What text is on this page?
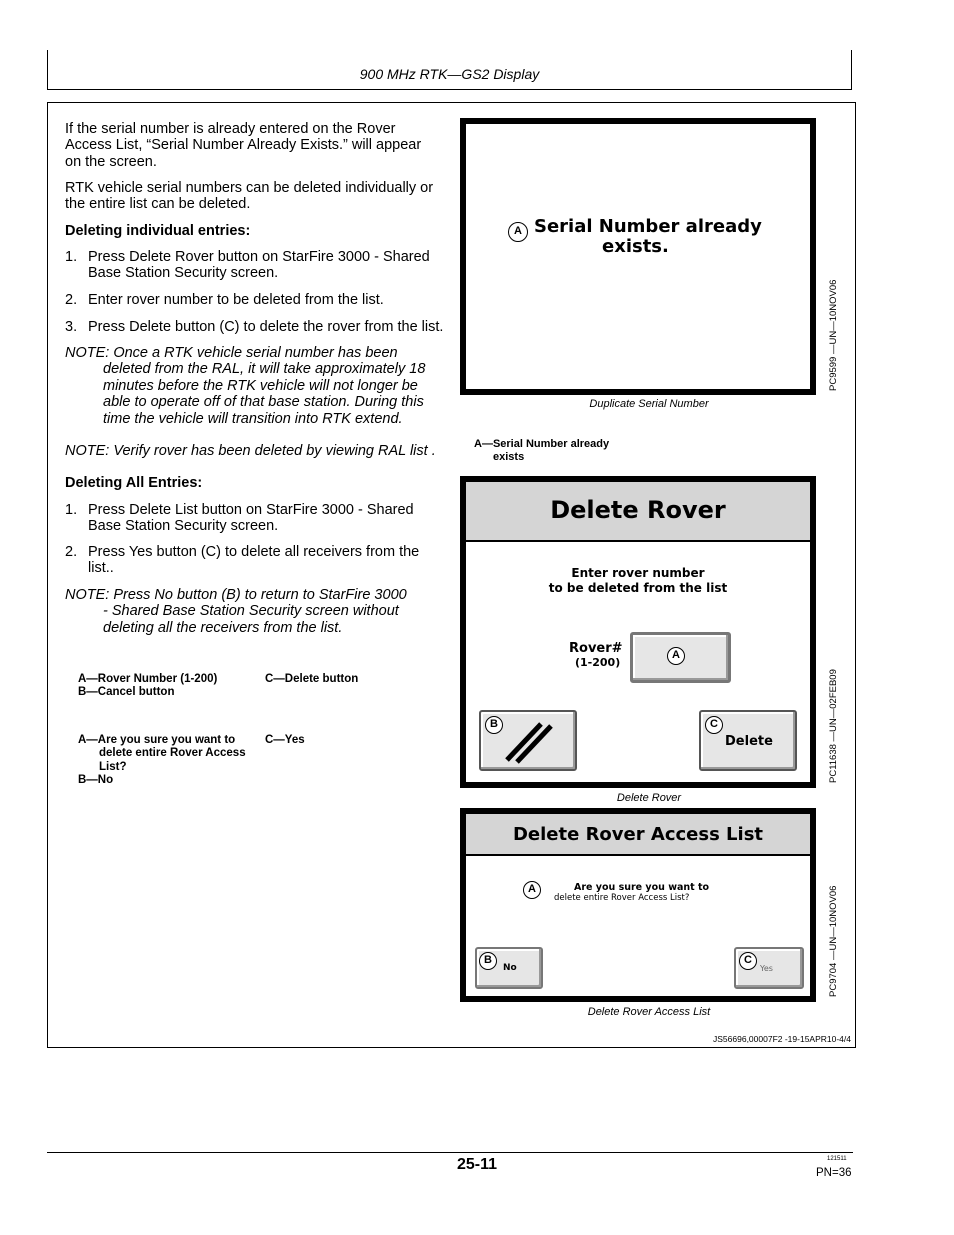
900 MHz RTK—GS2 Display
If the serial number is already entered on the Rover
Access List, “Serial Number Already Exists.” will appear
on the screen.
RTK vehicle serial numbers can be deleted individually or
the entire list can be deleted.
Deleting individual entries:
1. Press Delete Rover button on StarFire 3000 - Shared
Base Station Security screen.
2. Enter rover number to be deleted from the list.
3. Press Delete button (C) to delete the rover from the list.
NOTE: Once a RTK vehicle serial number has been
deleted from the RAL, it will take approximately 18
minutes before the RTK vehicle will not longer be
able to operate off of that base station. During this
time the vehicle will transition into RTK extend.
NOTE: Verify rover has been deleted by viewing RAL list .
Deleting All Entries:
1. Press Delete List button on StarFire 3000 - Shared
Base Station Security screen.
2. Press Yes button (C) to delete all receivers from the
list..
NOTE: Press No button (B) to return to StarFire 3000
- Shared Base Station Security screen without
deleting all the receivers from the list.
A—Rover Number (1-200)
B—Cancel button
C—Delete button
A—Are you sure you want to
delete entire Rover Access
List?
B—No
C—Yes
A Serial Number already
exists.
PC9599 —UN—10NOV06
Duplicate Serial Number
A—Serial Number already
exists
Delete Rover
Enter rover number
to be deleted from the list
Rover#
(1-200)
A
B	C
Delete	PC11638 —UN—02FEB09
Delete Rover
Delete Rover Access List
A	Are you sure you want to
delete entire Rover Access List?
B
No
C
Yes	PC9704 —UN—10NOV06
Delete Rover Access List
JS56696,00007F2 -19-15APR10-4/4
25-11	121511
PN=36
